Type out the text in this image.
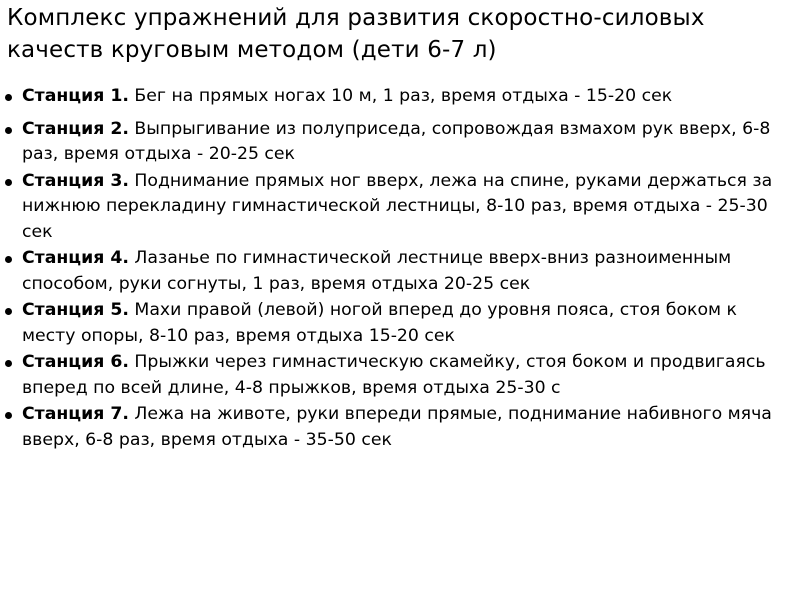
Комплекс упражнений для развития скоростно-силовых качеств круговым методом (дети 6-7 л)
Станция 1. Бег на прямых ногах 10 м, 1 раз, время отдыха - 15-20 сек
Станция 2. Выпрыгивание из полуприседа, сопровождая взмахом рук вверх, 6-8 раз, время отдыха - 20-25 сек
Станция 3. Поднимание прямых ног вверх, лежа на спине, руками держаться за нижнюю перекладину гимнастической лестницы, 8-10 раз, время отдыха - 25-30 сек
Станция 4. Лазанье по гимнастической лестнице вверх-вниз разноименным способом, руки согнуты, 1 раз, время отдыха 20-25 сек
Станция 5. Махи правой (левой) ногой вперед до уровня пояса, стоя боком к месту опоры, 8-10 раз, время отдыха 15-20 сек
Станция 6. Прыжки через гимнастическую скамейку, стоя боком и продвигаясь вперед по всей длине, 4-8 прыжков, время отдыха 25-30 с
Станция 7. Лежа на животе, руки впереди прямые, поднимание набивного мяча вверх, 6-8 раз, время отдыха - 35-50 сек
